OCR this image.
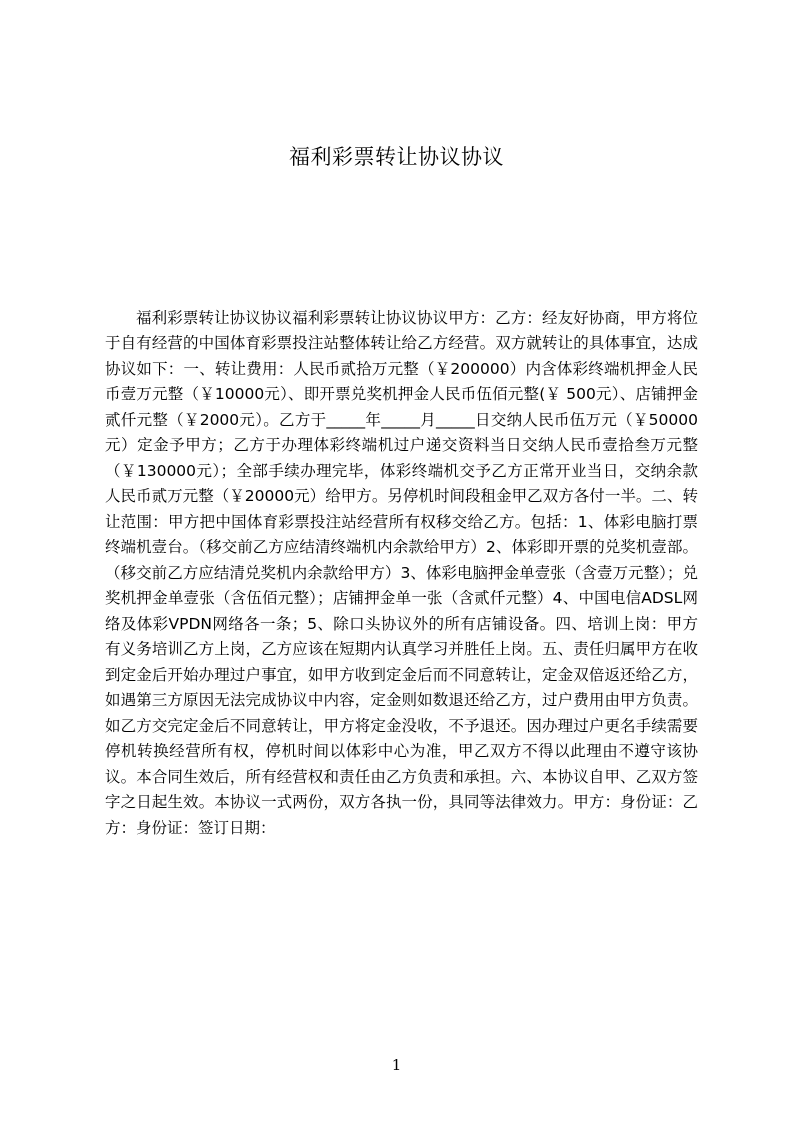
福利彩票转让协议协议

福利彩票转让协议协议福利彩票转让协议协议甲方：乙方：经友好协商，甲方将位于自有经营的中国体育彩票投注站整体转让给乙方经营。双方就转让的具体事宜，达成协议如下：一、转让费用：人民币贰拾万元整（￥200000）内含体彩终端机押金人民币壹万元整（￥10000元）、即开票兑奖机押金人民币伍佰元整(￥ 500元）、店铺押金贰仟元整（￥2000元）。乙方于_____年_____月_____日交纳人民币伍万元（￥50000元）定金予甲方；乙方于办理体彩终端机过户递交资料当日交纳人民币壹拾叁万元整（￥130000元）；全部手续办理完毕，体彩终端机交予乙方正常开业当日，交纳余款人民币贰万元整（￥20000元）给甲方。另停机时间段租金甲乙双方各付一半。二、转让范围：甲方把中国体育彩票投注站经营所有权移交给乙方。包括：1、体彩电脑打票终端机壹台。（移交前乙方应结清终端机内余款给甲方）2、体彩即开票的兑奖机壹部。（移交前乙方应结清兑奖机内余款给甲方）3、体彩电脑押金单壹张（含壹万元整）；兑奖机押金单壹张（含伍佰元整）；店铺押金单一张（含贰仟元整）4、中国电信ADSL网络及体彩VPDN网络各一条；5、除口头协议外的所有店铺设备。四、培训上岗：甲方有义务培训乙方上岗，乙方应该在短期内认真学习并胜任上岗。五、责任归属甲方在收到定金后开始办理过户事宜，如甲方收到定金后而不同意转让，定金双倍返还给乙方，如遇第三方原因无法完成协议中内容，定金则如数退还给乙方，过户费用由甲方负责。如乙方交完定金后不同意转让，甲方将定金没收，不予退还。因办理过户更名手续需要停机转换经营所有权，停机时间以体彩中心为准，甲乙双方不得以此理由不遵守该协议。本合同生效后，所有经营权和责任由乙方负责和承担。六、本协议自甲、乙双方签字之日起生效。本协议一式两份，双方各执一份，具同等法律效力。甲方：身份证：乙方：身份证：签订日期：

1
